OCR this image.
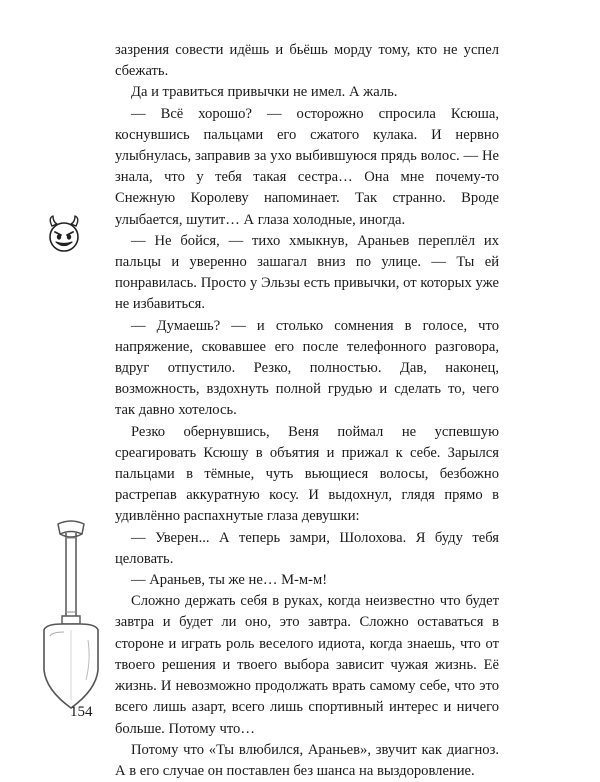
зазрения совести идёшь и бьёшь морду тому, кто не успел сбежать.

Да и травиться привычки не имел. А жаль.

— Всё хорошо? — осторожно спросила Ксюша, коснувшись пальцами его сжатого кулака. И нервно улыбнулась, заправив за ухо выбившуюся прядь волос. — Не знала, что у тебя такая сестра… Она мне почему-то Снежную Королеву напоминает. Так странно. Вроде улыбается, шутит… А глаза холодные, иногда.

— Не бойся, — тихо хмыкнув, Араньев переплёл их пальцы и уверенно зашагал вниз по улице. — Ты ей понравилась. Просто у Эльзы есть привычки, от которых уже не избавиться.

— Думаешь? — и столько сомнения в голосе, что напряжение, сковавшее его после телефонного разговора, вдруг отпустило. Резко, полностью. Дав, наконец, возможность, вздохнуть полной грудью и сделать то, чего так давно хотелось.

Резко обернувшись, Веня поймал не успевшую среагировать Ксюшу в объятия и прижал к себе. Зарылся пальцами в тёмные, чуть вьющиеся волосы, безбожно растрепав аккуратную косу. И выдохнул, глядя прямо в удивлённо распахнутые глаза девушки:

— Уверен... А теперь замри, Шолохова. Я буду тебя целовать.

— Араньев, ты же не… М-м-м!

Сложно держать себя в руках, когда неизвестно что будет завтра и будет ли оно, это завтра. Сложно оставаться в стороне и играть роль веселого идиота, когда знаешь, что от твоего решения и твоего выбора зависит чужая жизнь. Её жизнь. И невозможно продолжать врать самому себе, что это всего лишь азарт, всего лишь спортивный интерес и ничего больше. Потому что…

Потому что «Ты влюбился, Араньев», звучит как диагноз. А в его случае он поставлен без шанса на выздоровление.

154
